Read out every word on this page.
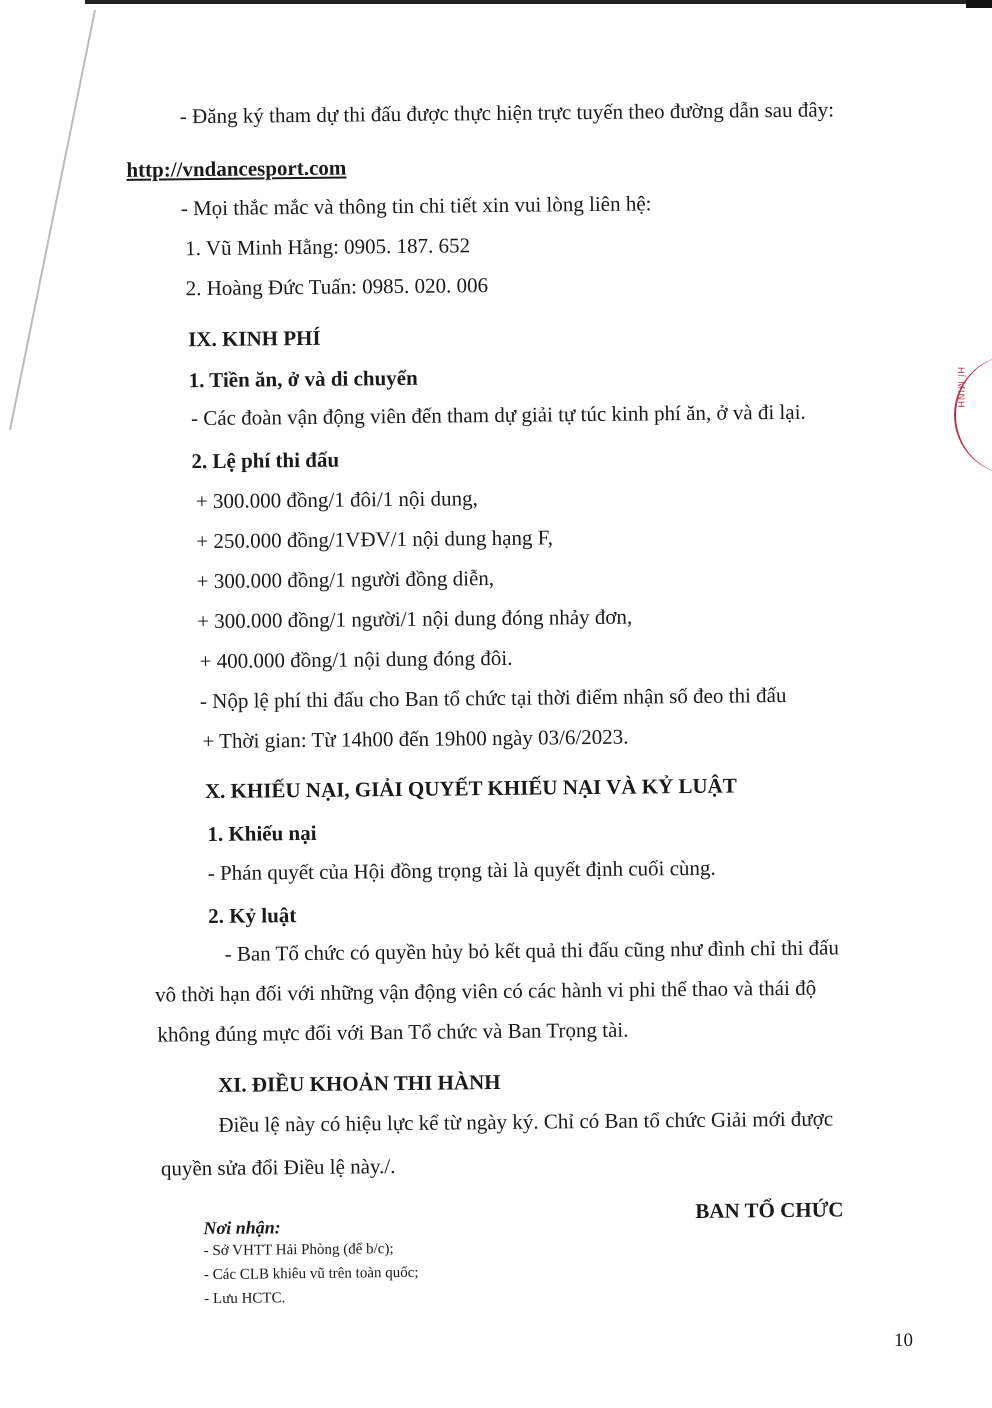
- Đăng ký tham dự thi đấu được thực hiện trực tuyến theo đường dẫn sau đây:
http://vndancesport.com
- Mọi thắc mắc và thông tin chi tiết xin vui lòng liên hệ:
1. Vũ Minh Hằng: 0905. 187. 652
2. Hoàng Đức Tuấn: 0985. 020. 006
IX. KINH PHÍ
1. Tiền ăn, ở và di chuyển
- Các đoàn vận động viên đến tham dự giải tự túc kinh phí ăn, ở và đi lại.
2. Lệ phí thi đấu
+ 300.000 đồng/1 đôi/1 nội dung,
+ 250.000 đồng/1VĐV/1 nội dung hạng F,
+ 300.000 đồng/1 người đồng diễn,
+ 300.000 đồng/1 người/1 nội dung đóng nhảy đơn,
+ 400.000 đồng/1 nội dung đóng đôi.
- Nộp lệ phí thi đấu cho Ban tổ chức tại thời điểm nhận số đeo thi đấu
+ Thời gian: Từ 14h00 đến 19h00 ngày 03/6/2023.
X. KHIẾU NẠI, GIẢI QUYẾT KHIẾU NẠI VÀ KỶ LUẬT
1. Khiếu nại
- Phán quyết của Hội đồng trọng tài là quyết định cuối cùng.
2. Kỷ luật
- Ban Tổ chức có quyền hủy bỏ kết quả thi đấu cũng như đình chỉ thi đấu
vô thời hạn đối với những vận động viên có các hành vi phi thể thao và thái độ
không đúng mực đối với Ban Tổ chức và Ban Trọng tài.
XI. ĐIỀU KHOẢN THI HÀNH
Điều lệ này có hiệu lực kể từ ngày ký. Chỉ có Ban tổ chức Giải mới được
quyền sửa đổi Điều lệ này./.
BAN TỔ CHỨC
Nơi nhận:
- Sở VHTT Hải Phòng (để b/c);
- Các CLB khiêu vũ trên toàn quốc;
- Lưu HCTC.
HÍ MINH
10
